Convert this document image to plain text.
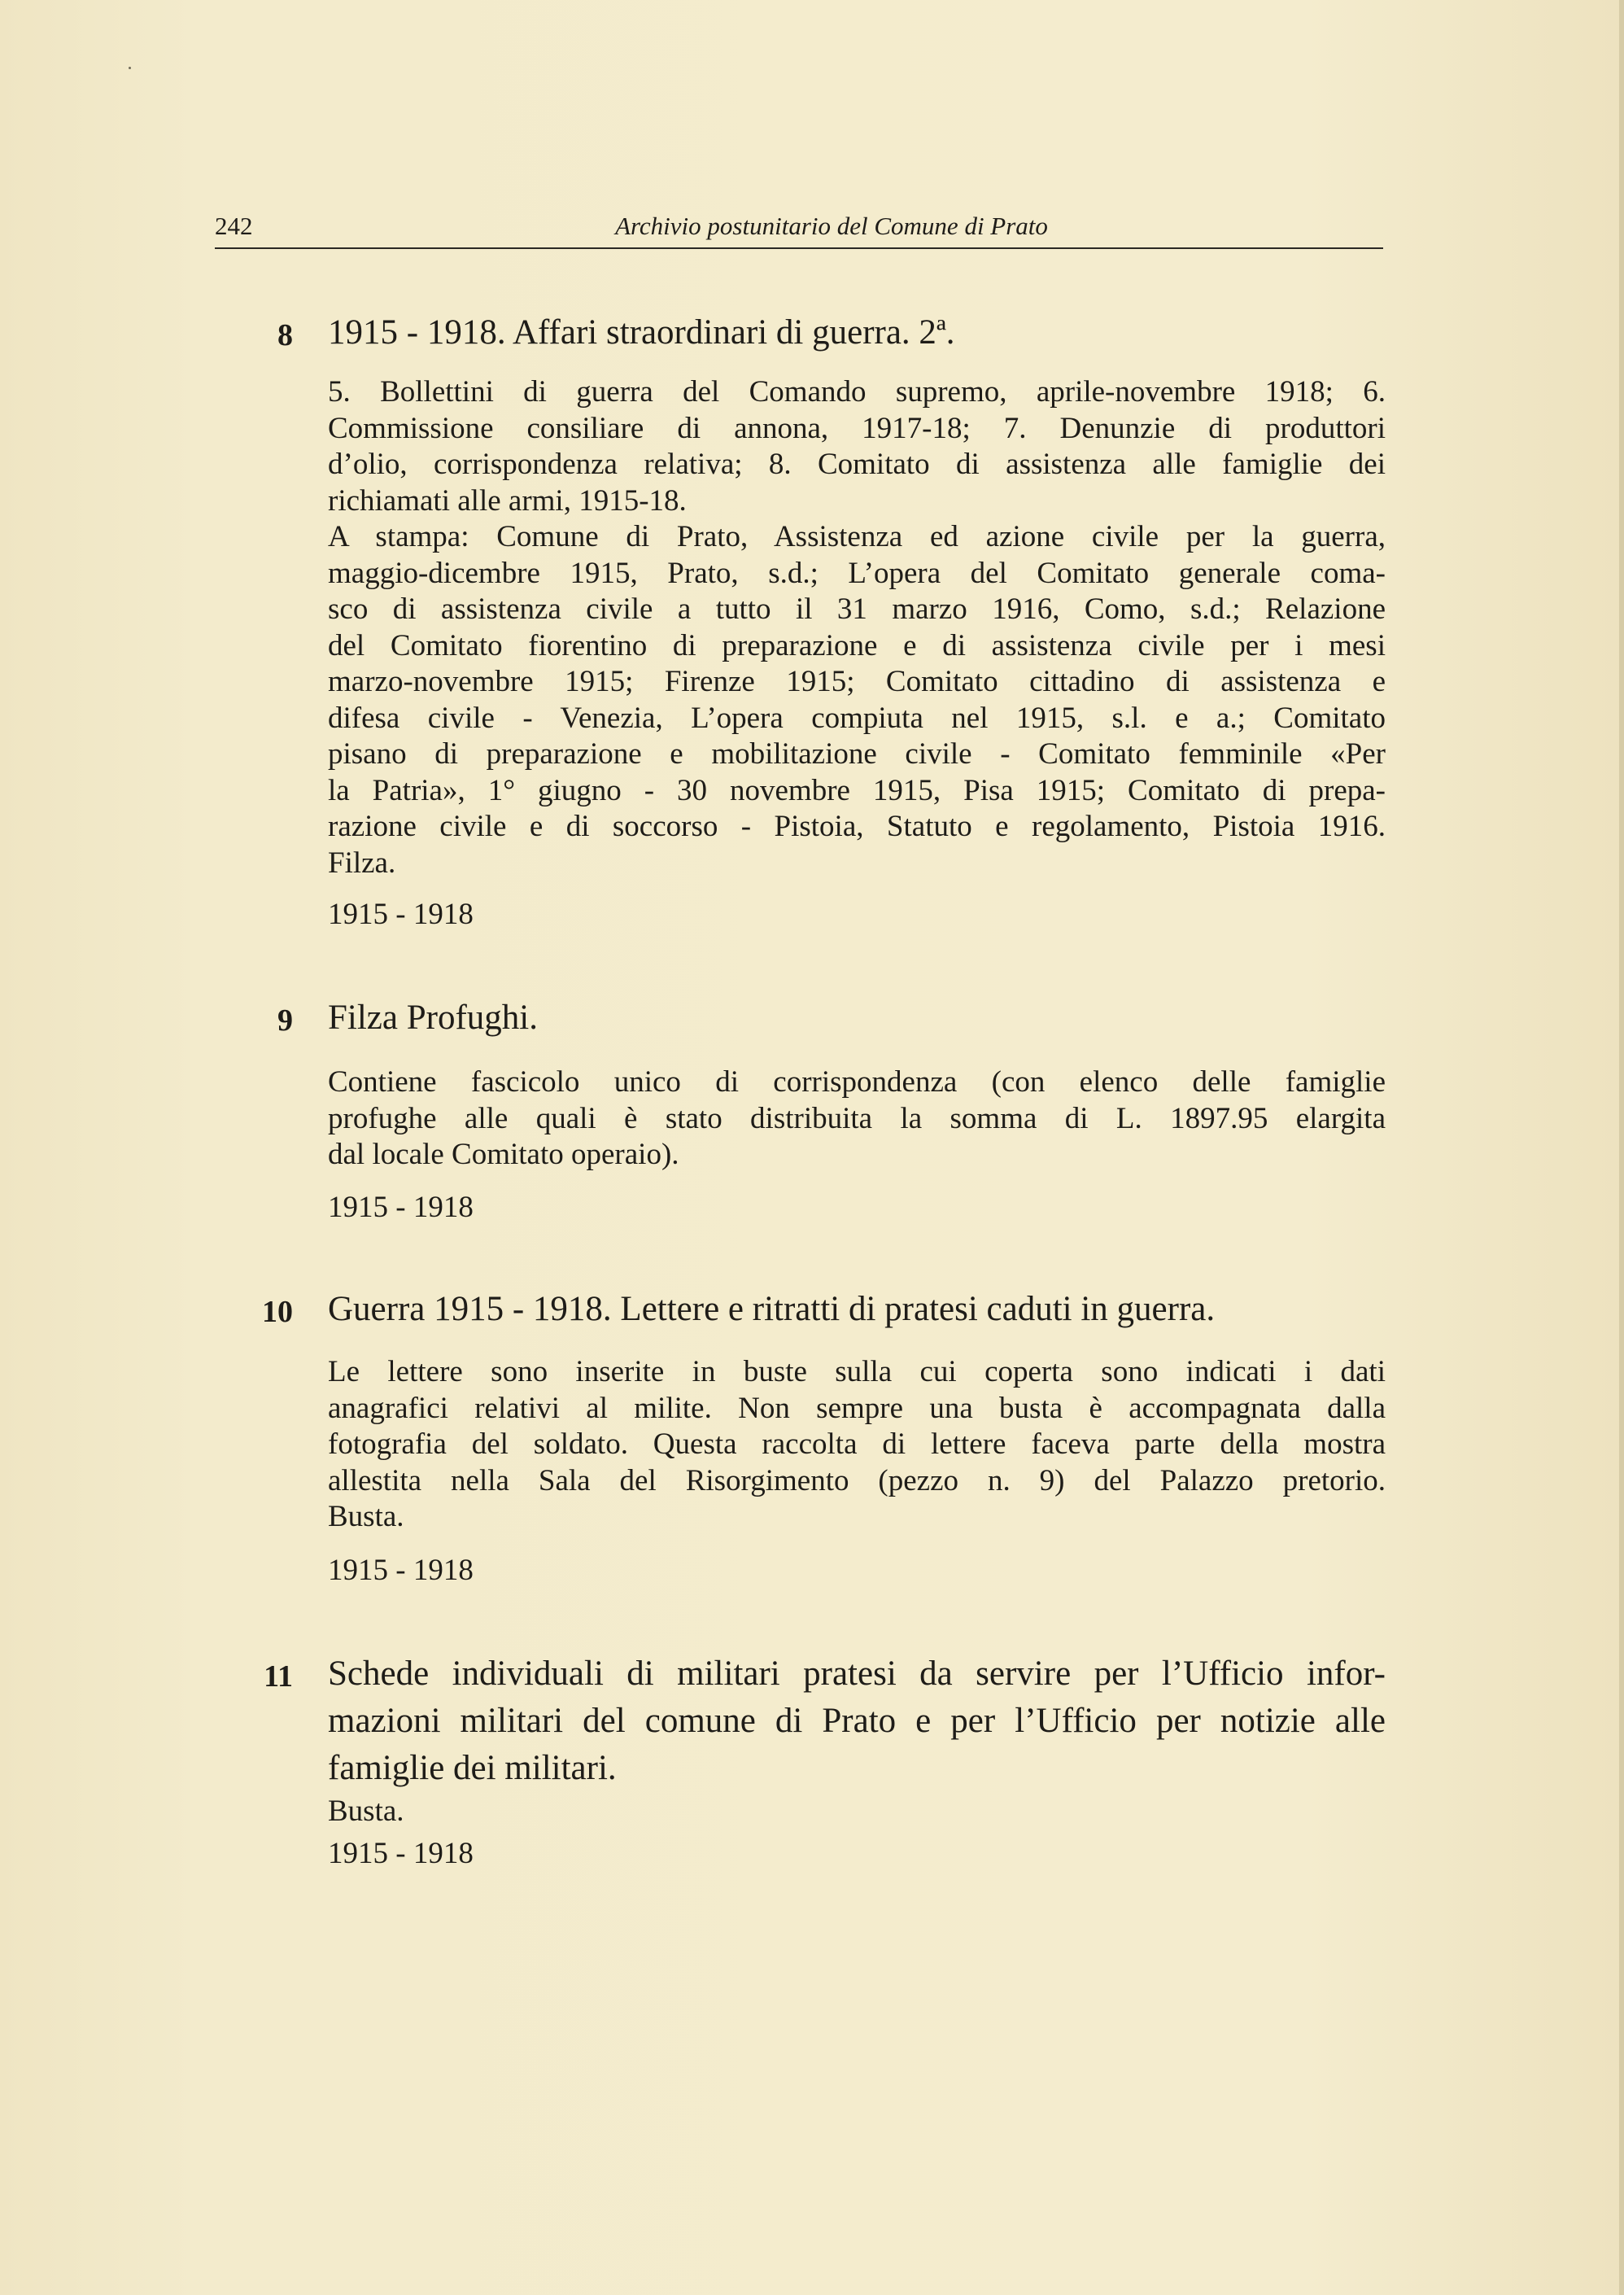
242	Archivio postunitario del Comune di Prato
8 1915 - 1918. Affari straordinari di guerra. 2ª.

5. Bollettini di guerra del Comando supremo, aprile-novembre 1918; 6.

Commissione consiliare di annona, 1917-18; 7. Denunzie di produttori

d’olio, corrispondenza relativa; 8. Comitato di assistenza alle famiglie dei

richiamati alle armi, 1915-18.

A stampa: Comune di Prato, Assistenza ed azione civile per la guerra,

maggio-dicembre 1915, Prato, s.d.; L’opera del Comitato generale coma-

sco di assistenza civile a tutto il 31 marzo 1916, Como, s.d.; Relazione

del Comitato fiorentino di preparazione e di assistenza civile per i mesi

marzo-novembre 1915; Firenze 1915; Comitato cittadino di assistenza e

difesa civile - Venezia, L’opera compiuta nel 1915, s.l. e a.; Comitato

pisano di preparazione e mobilitazione civile - Comitato femminile «Per

la Patria», 1° giugno - 30 novembre 1915, Pisa 1915; Comitato di prepa-

razione civile e di soccorso - Pistoia, Statuto e regolamento, Pistoia 1916.

Filza.

1915 - 1918
9 Filza Profughi.

Contiene fascicolo unico di corrispondenza (con elenco delle famiglie

profughe alle quali è stato distribuita la somma di L. 1897.95 elargita

dal locale Comitato operaio).

1915 - 1918
10 Guerra 1915 - 1918. Lettere e ritratti di pratesi caduti in guerra.

Le lettere sono inserite in buste sulla cui coperta sono indicati i dati

anagrafici relativi al milite. Non sempre una busta è accompagnata dalla

fotografia del soldato. Questa raccolta di lettere faceva parte della mostra

allestita nella Sala del Risorgimento (pezzo n. 9) del Palazzo pretorio.

Busta.

1915 - 1918
11 Schede individuali di militari pratesi da servire per l’Ufficio infor-
mazioni militari del comune di Prato e per l’Ufficio per notizie alle
famiglie dei militari.

Busta.

1915 - 1918
